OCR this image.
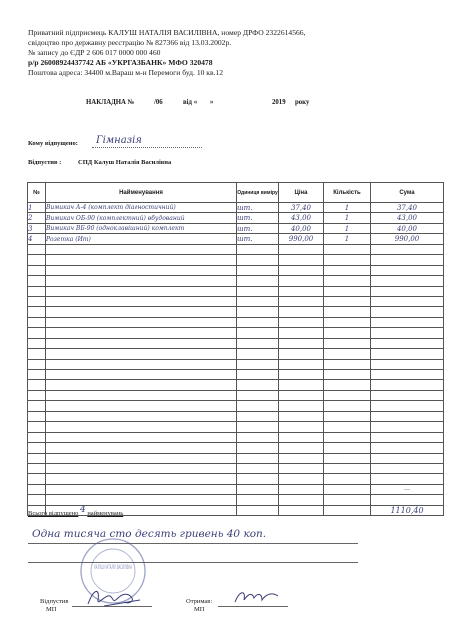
Приватний підприємець КАЛУШ НАТАЛІЯ ВАСИЛІВНА, номер ДРФО 2322614566,
свідоцтво про державну реєстрацію № 827366 від 13.03.2002р.
№ запису до ЄДР 2 606 017 0000 000 460
р/р 26008924437742 АБ «УКРГАЗБАНК» МФО 320478
Поштова адреса: 34400 м.Вараш м-н Перемоги буд. 10 кв.12
НАКЛАДНА №	/06	від « »	2019 року
Кому відпущено: Гімназія
Відпустив :	СПД Калуш Наталія Василівна
№	Найменування	Одиниця виміру	Ціна	Кількість	Сума
1	Вимикач А-4 (комплект діагностичний)	шт.	37,40	1	37,40
2	Вимикач ОБ-90 (комплектний) вбудований	шт.	43,00	1	43,00
3	Вимикач ВБ-90 (одноклавішний) комплект	шт.	40,00	1	40,00
4	Розетка (Ит)	шт.	990,00	1	990,00

					—

					1110,40
Всього відпущено 4 найменувань
Одна тисяча сто десять гривень 40 коп.
КАЛУШ НАТАЛІЯ ВАСИЛІВНА
Відпустив
МП
Отримав:
МП
